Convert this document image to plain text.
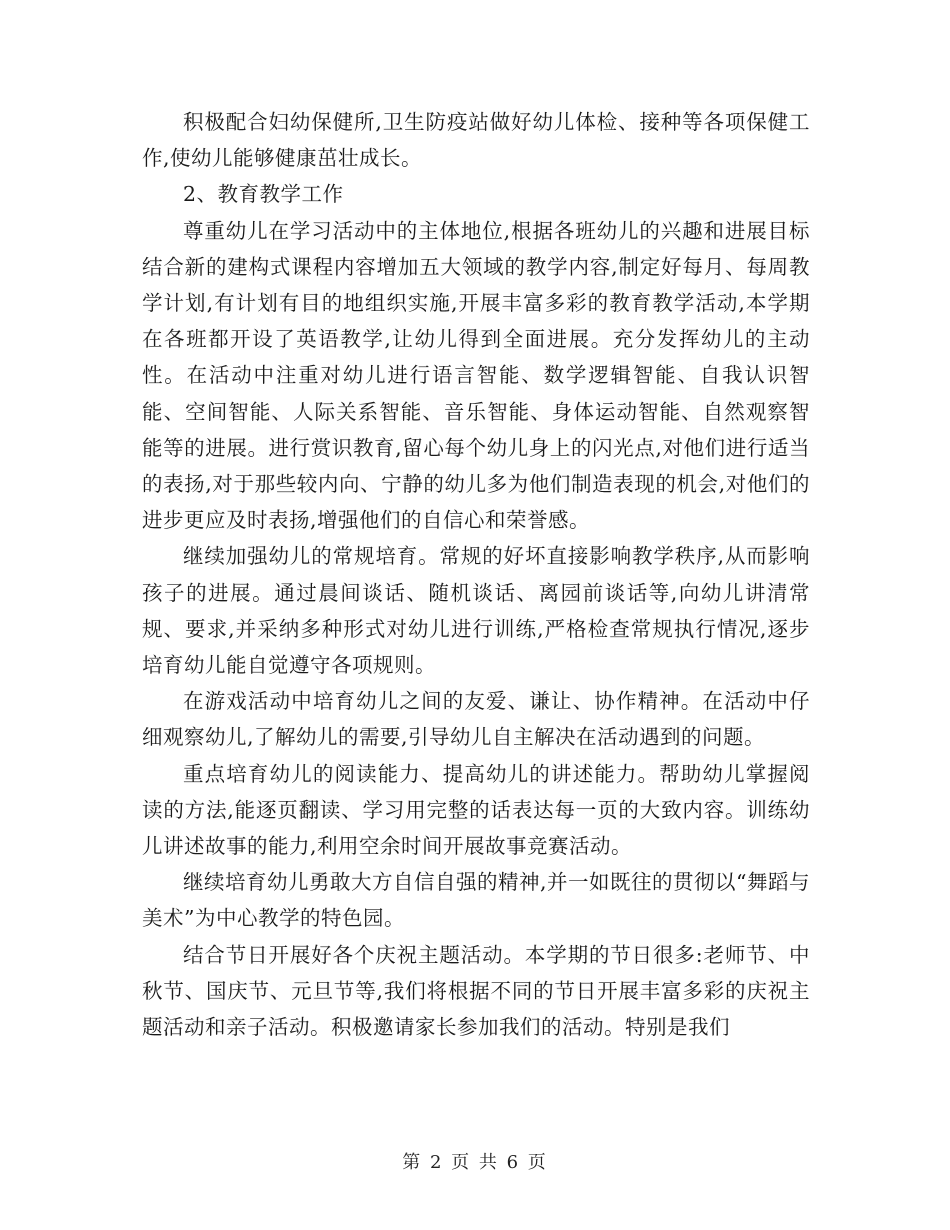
积极配合妇幼保健所,卫生防疫站做好幼儿体检、接种等各项保健工作,使幼儿能够健康茁壮成长。

2、教育教学工作

尊重幼儿在学习活动中的主体地位,根据各班幼儿的兴趣和进展目标结合新的建构式课程内容增加五大领域的教学内容,制定好每月、每周教学计划,有计划有目的地组织实施,开展丰富多彩的教育教学活动,本学期在各班都开设了英语教学,让幼儿得到全面进展。充分发挥幼儿的主动性。在活动中注重对幼儿进行语言智能、数学逻辑智能、自我认识智能、空间智能、人际关系智能、音乐智能、身体运动智能、自然观察智能等的进展。进行赏识教育,留心每个幼儿身上的闪光点,对他们进行适当的表扬,对于那些较内向、宁静的幼儿多为他们制造表现的机会,对他们的进步更应及时表扬,增强他们的自信心和荣誉感。

继续加强幼儿的常规培育。常规的好坏直接影响教学秩序,从而影响孩子的进展。通过晨间谈话、随机谈话、离园前谈话等,向幼儿讲清常规、要求,并采纳多种形式对幼儿进行训练,严格检查常规执行情况,逐步培育幼儿能自觉遵守各项规则。

在游戏活动中培育幼儿之间的友爱、谦让、协作精神。在活动中仔细观察幼儿,了解幼儿的需要,引导幼儿自主解决在活动遇到的问题。

重点培育幼儿的阅读能力、提高幼儿的讲述能力。帮助幼儿掌握阅读的方法,能逐页翻读、学习用完整的话表达每一页的大致内容。训练幼儿讲述故事的能力,利用空余时间开展故事竞赛活动。

继续培育幼儿勇敢大方自信自强的精神,并一如既往的贯彻以“舞蹈与美术”为中心教学的特色园。

结合节日开展好各个庆祝主题活动。本学期的节日很多:老师节、中秋节、国庆节、元旦节等,我们将根据不同的节日开展丰富多彩的庆祝主题活动和亲子活动。积极邀请家长参加我们的活动。特别是我们

第 2 页 共 6 页
